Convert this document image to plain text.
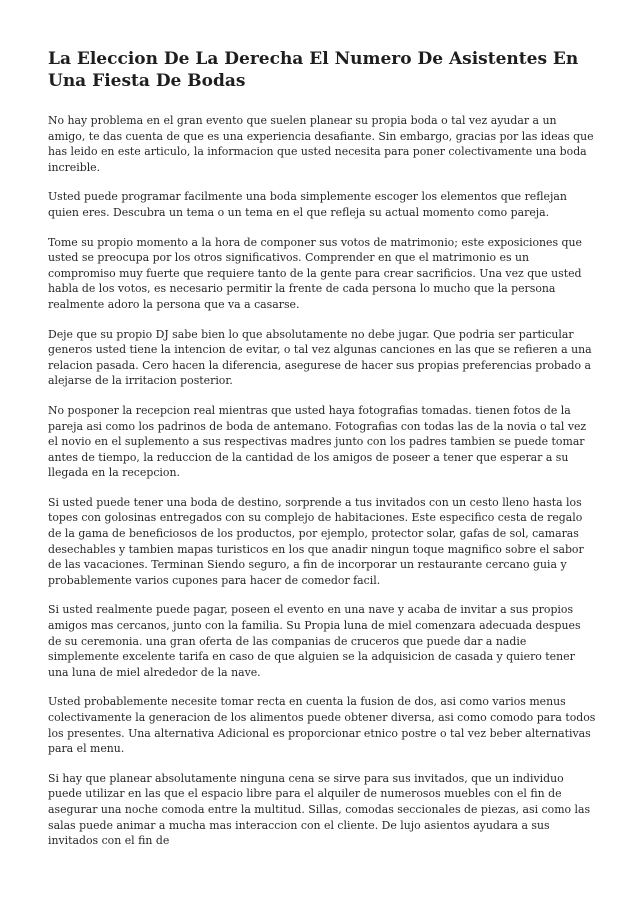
La Eleccion De La Derecha El Numero De Asistentes En Una Fiesta De Bodas

No hay problema en el gran evento que suelen planear su propia boda o tal vez ayudar a un amigo, te das cuenta de que es una experiencia desafiante. Sin embargo, gracias por las ideas que has leido en este articulo, la informacion que usted necesita para poner colectivamente una boda increible.

Usted puede programar facilmente una boda simplemente escoger los elementos que reflejan quien eres. Descubra un tema o un tema en el que refleja su actual momento como pareja.

Tome su propio momento a la hora de componer sus votos de matrimonio; este exposiciones que usted se preocupa por los otros significativos. Comprender en que el matrimonio es un compromiso muy fuerte que requiere tanto de la gente para crear sacrificios. Una vez que usted habla de los votos, es necesario permitir la frente de cada persona lo mucho que la persona realmente adoro la persona que va a casarse.

Deje que su propio DJ sabe bien lo que absolutamente no debe jugar. Que podria ser particular generos usted tiene la intencion de evitar, o tal vez algunas canciones en las que se refieren a una relacion pasada. Cero hacen la diferencia, asegurese de hacer sus propias preferencias probado a alejarse de la irritacion posterior.

No posponer la recepcion real mientras que usted haya fotografias tomadas. tienen fotos de la pareja asi como los padrinos de boda de antemano. Fotografias con todas las de la novia o tal vez el novio en el suplemento a sus respectivas madres junto con los padres tambien se puede tomar antes de tiempo, la reduccion de la cantidad de los amigos de poseer a tener que esperar a su llegada en la recepcion.

Si usted puede tener una boda de destino, sorprende a tus invitados con un cesto lleno hasta los topes con golosinas entregados con su complejo de habitaciones. Este especifico cesta de regalo de la gama de beneficiosos de los productos, por ejemplo, protector solar, gafas de sol, camaras desechables y tambien mapas turisticos en los que anadir ningun toque magnifico sobre el sabor de las vacaciones. Terminan Siendo seguro, a fin de incorporar un restaurante cercano guia y probablemente varios cupones para hacer de comedor facil.

Si usted realmente puede pagar, poseen el evento en una nave y acaba de invitar a sus propios amigos mas cercanos, junto con la familia. Su Propia luna de miel comenzara adecuada despues de su ceremonia. una gran oferta de las companias de cruceros que puede dar a nadie simplemente excelente tarifa en caso de que alguien se la adquisicion de casada y quiero tener una luna de miel alrededor de la nave.

Usted probablemente necesite tomar recta en cuenta la fusion de dos, asi como varios menus colectivamente la generacion de los alimentos puede obtener diversa, asi como comodo para todos los presentes. Una alternativa Adicional es proporcionar etnico postre o tal vez beber alternativas para el menu.

Si hay que planear absolutamente ninguna cena se sirve para sus invitados, que un individuo puede utilizar en las que el espacio libre para el alquiler de numerosos muebles con el fin de asegurar una noche comoda entre la multitud. Sillas, comodas seccionales de piezas, asi como las salas puede animar a mucha mas interaccion con el cliente. De lujo asientos ayudara a sus invitados con el fin de
